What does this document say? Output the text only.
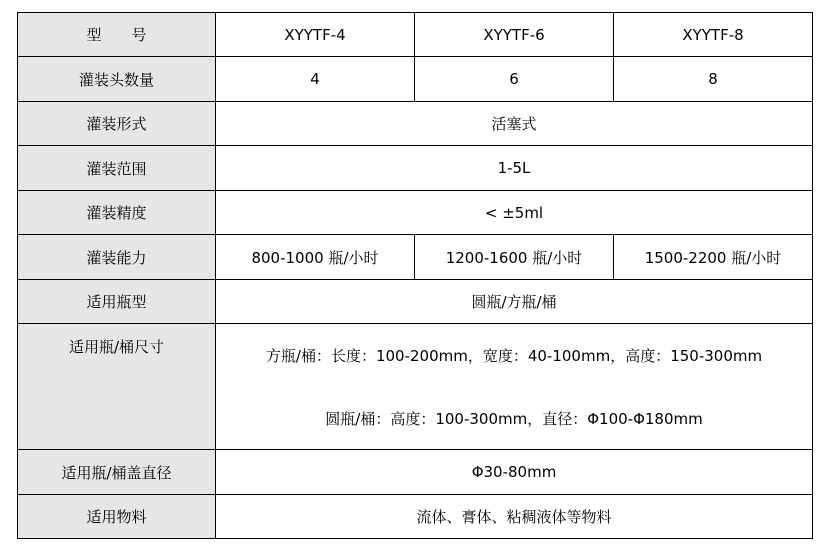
型　　号	XYYTF-4	XYYTF-6	XYYTF-8
灌装头数量	4	6	8
灌装形式	活塞式		
灌装范围	1-5L		
灌装精度	< ±5ml		
灌装能力	800-1000 瓶/小时	1200-1600 瓶/小时	1500-2200 瓶/小时
适用瓶型	圆瓶/方瓶/桶		
适用瓶/桶尺寸	方瓶/桶：长度：100-200mm，宽度：40-100mm，高度：150-300mm
圆瓶/桶：高度：100-300mm，直径：Φ100-Φ180mm		

适用瓶/桶盖直径	Φ30-80mm		
适用物料	流体、膏体、粘稠液体等物料		
